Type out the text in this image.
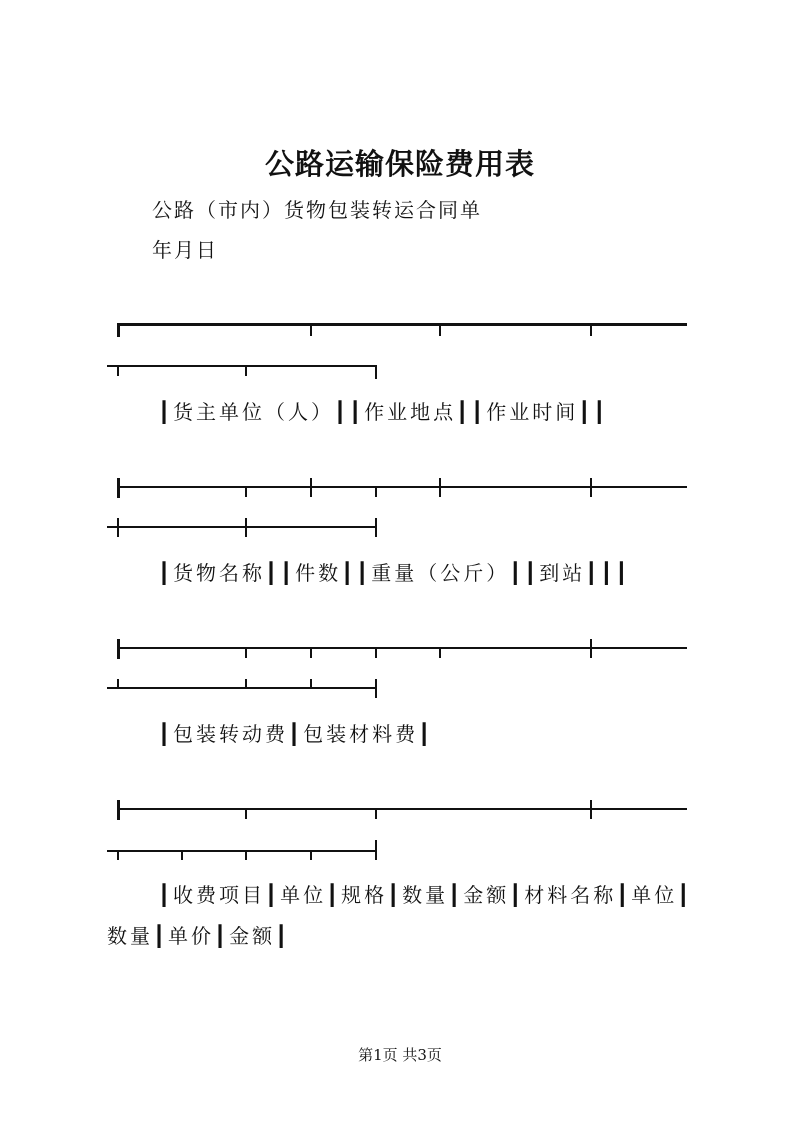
公路运输保险费用表
公路（市内）货物包装转运合同单
年月日
┃货主单位（人）┃┃作业地点┃┃作业时间┃┃
┃货物名称┃┃件数┃┃重量（公斤）┃┃到站┃┃┃
┃包装转动费┃包装材料费┃
┃收费项目┃单位┃规格┃数量┃金额┃材料名称┃单位┃
数量┃单价┃金额┃
第1页 共3页
